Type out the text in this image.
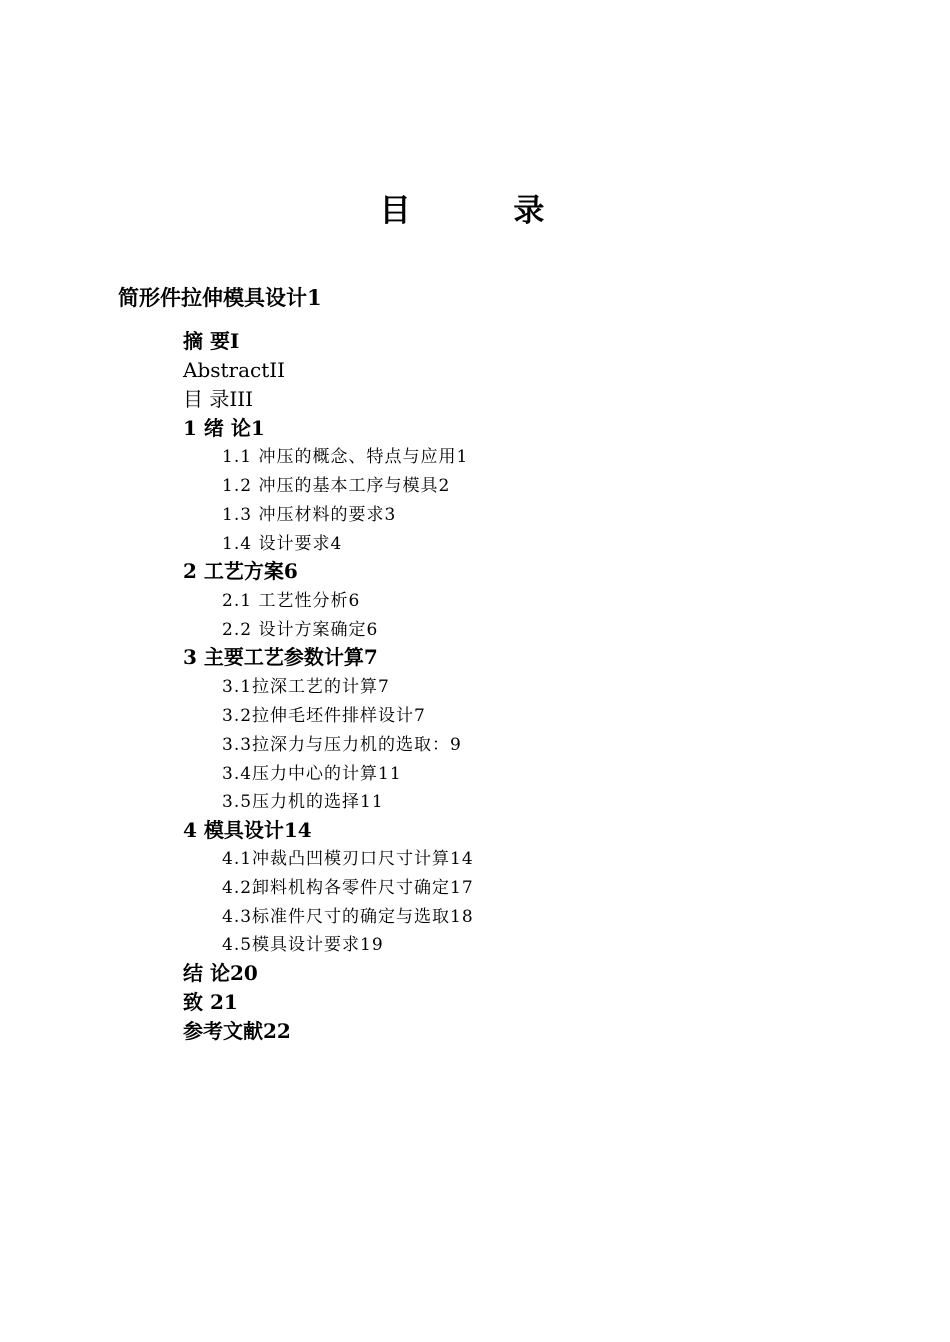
目 录
简形件拉伸模具设计1
摘 要I
AbstractII
目 录III
1 绪 论1
1.1 冲压的概念、特点与应用1
1.2 冲压的基本工序与模具2
1.3 冲压材料的要求3
1.4 设计要求4
2 工艺方案6
2.1 工艺性分析6
2.2 设计方案确定6
3 主要工艺参数计算7
3.1拉深工艺的计算7
3.2拉伸毛坯件排样设计7
3.3拉深力与压力机的选取：9
3.4压力中心的计算11
3.5压力机的选择11
4 模具设计14
4.1冲裁凸凹模刃口尺寸计算14
4.2卸料机构各零件尺寸确定17
4.3标准件尺寸的确定与选取18
4.5模具设计要求19
结 论20
致 21
参考文献22
